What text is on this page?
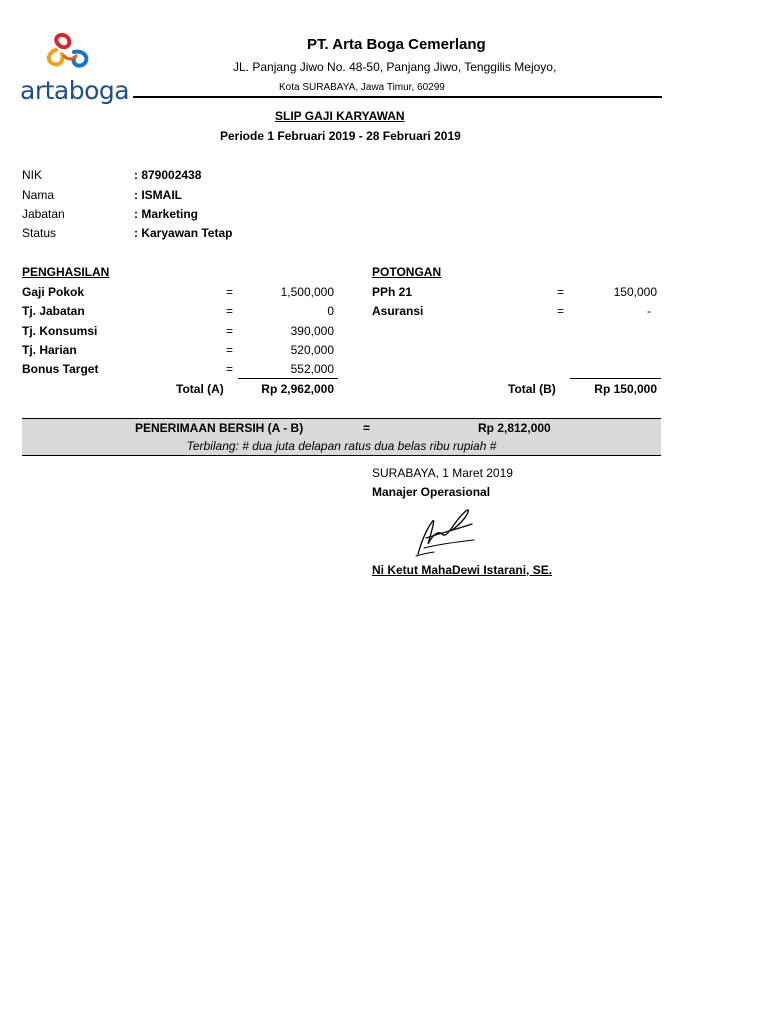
artaboga
PT. Arta Boga Cemerlang
JL. Panjang Jiwo No. 48-50, Panjang Jiwo, Tenggilis Mejoyo,
Kota SURABAYA, Jawa Timur, 60299
SLIP GAJI KARYAWAN
Periode 1 Februari 2019 - 28 Februari 2019
NIK	: 879002438
Nama	: ISMAIL
Jabatan	: Marketing
Status	: Karyawan Tetap
PENGHASILAN
Gaji Pokok	=	1,500,000
Tj. Jabatan	=	0
Tj. Konsumsi	=	390,000
Tj. Harian	=	520,000
Bonus Target	=	552,000
Total (A)	Rp 2,962,000
POTONGAN
PPh 21	=	150,000
Asuransi	=	-
Total (B)	Rp 150,000
PENERIMAAN BERSIH (A - B)	=	Rp 2,812,000
Terbilang: # dua juta delapan ratus dua belas ribu rupiah #
SURABAYA, 1 Maret 2019
Manajer Operasional
Ni Ketut MahaDewi Istarani, SE.
